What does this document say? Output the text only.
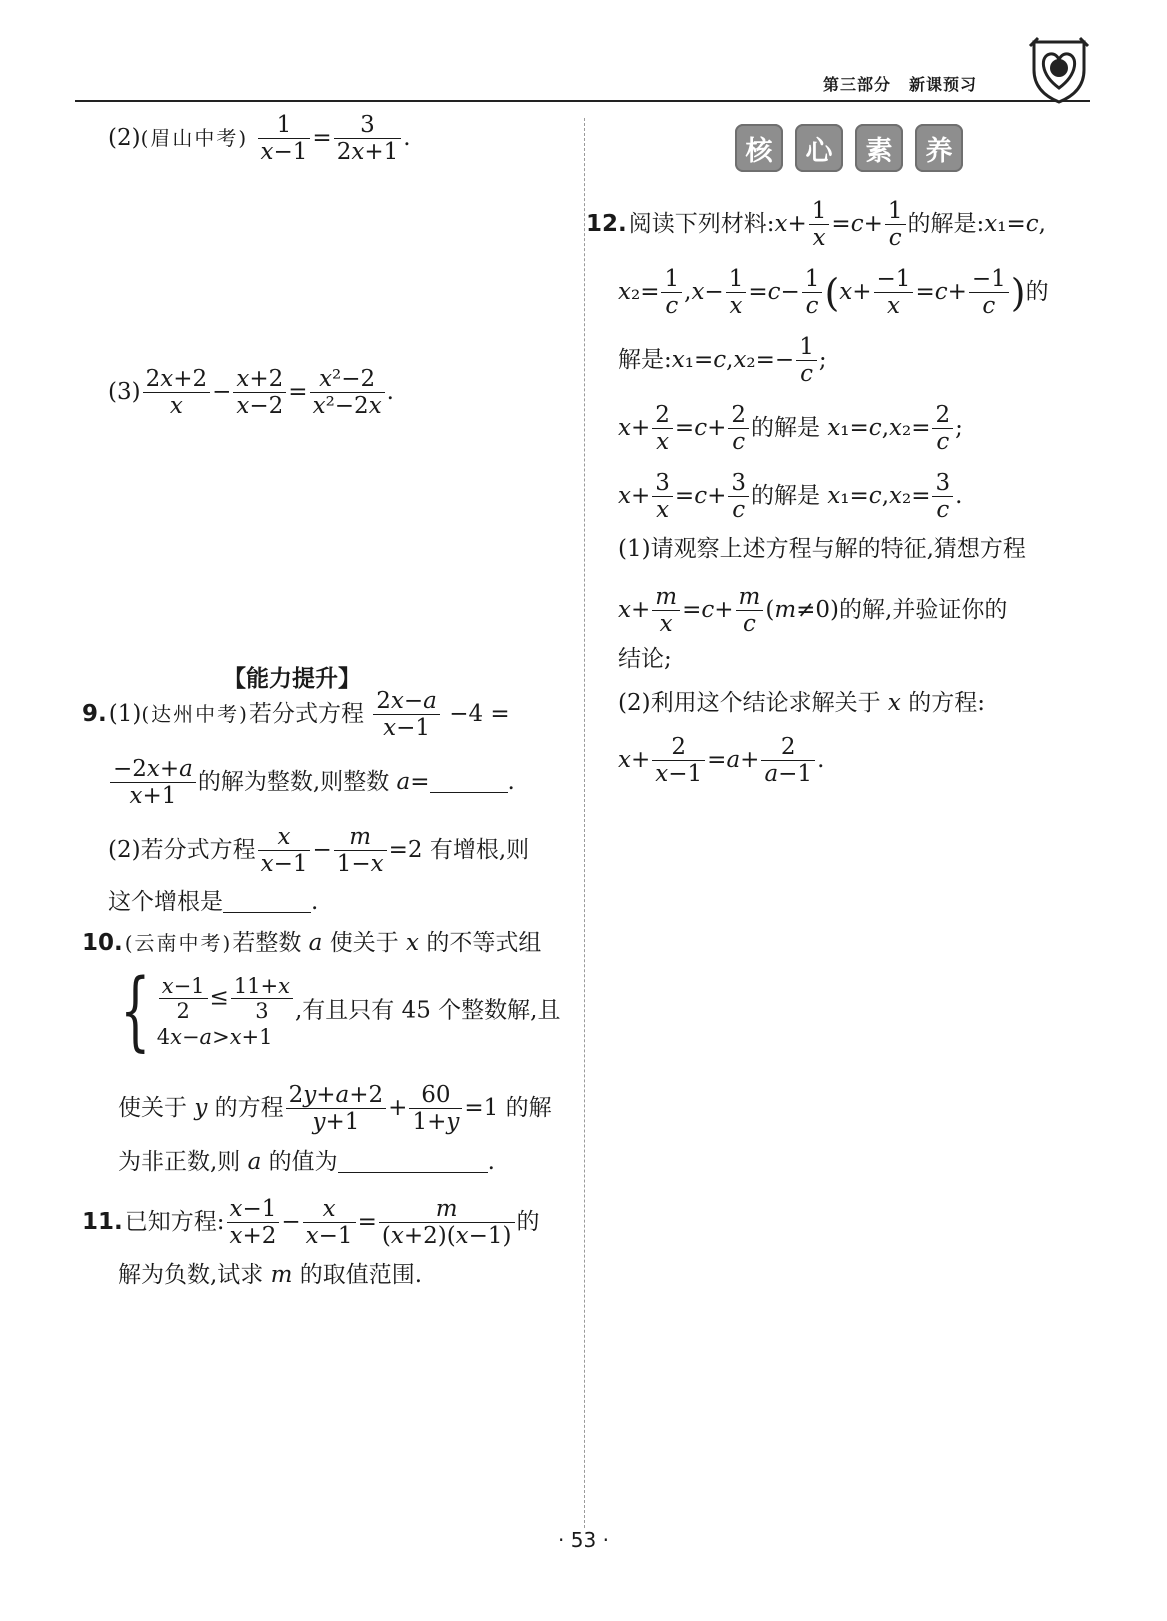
第三部分 新课预习
(2)(眉山中考) $\frac{1}{x-1} = \frac{3}{2x+1}$ .
$(3) \frac{2x+2}{x} - \frac{x+2}{x-2} = \frac{\text{x²−2}}{\text{x²−2x}}$ .
【能力提升】
9.(1)(达州中考)若分式方程 $\frac{2x-a}{x-1} -4$ =
$\frac{-2x+a}{x+1}$ 的解为整数,则整数 a=	.
(2)若分式方程 $\frac{x}{x-1} - \frac{m}{1-x} =2$ 有增根,则
这个增根是	.
10. (云南中考)若整数 a 使关于 x 的不等式组
{ $\frac{x-1}{2} \le \frac{11+x}{3}$
4x−a>x+1
,有且只有 45 个整数解,且
使关于 y 的方程 $\frac{2y+a+2}{y+1} + \frac{60}{1+y} =1$ 的解
为非正数,则 a 的值为	.
11.已知方程: $\frac{x-1}{x+2} - \frac{x}{x-1} = \frac{m}{(x+2)(x-1)}$ 的
解为负数,试求 m 的取值范围.
核	心	素	养
12.阅读下列材料:x+ $\frac{1}{x} =c+ \frac{1}{c}$ 的解是:x₁=c,
$x_2= \frac{1}{c} ,x- \frac{1}{x} =c- \frac{1}{c} (x+ \frac{-1}{x} =c+ \frac{-1}{c}$ )的
解是:x₁=c,x₂=− $\frac{1}{c}$ ;
$x+ \frac{2}{x} =c+ \frac{2}{c}$ 的解是 $x_1=c,x_2= \frac{2}{c}$ ;
$x+ \frac{3}{x} =c+ \frac{3}{c}$ 的解是 $x_1=c,x_2= \frac{3}{c}$ .
(1)请观察上述方程与解的特征,猜想方程
$x+ \frac{m}{x} =c+ \frac{m}{c} (m\ne 0)$的解,并验证你的
结论;
(2)利用这个结论求解关于 x 的方程:
$x+ \frac{2}{x-1} =a+ \frac{2}{a-1}$ .
· 53 ·
